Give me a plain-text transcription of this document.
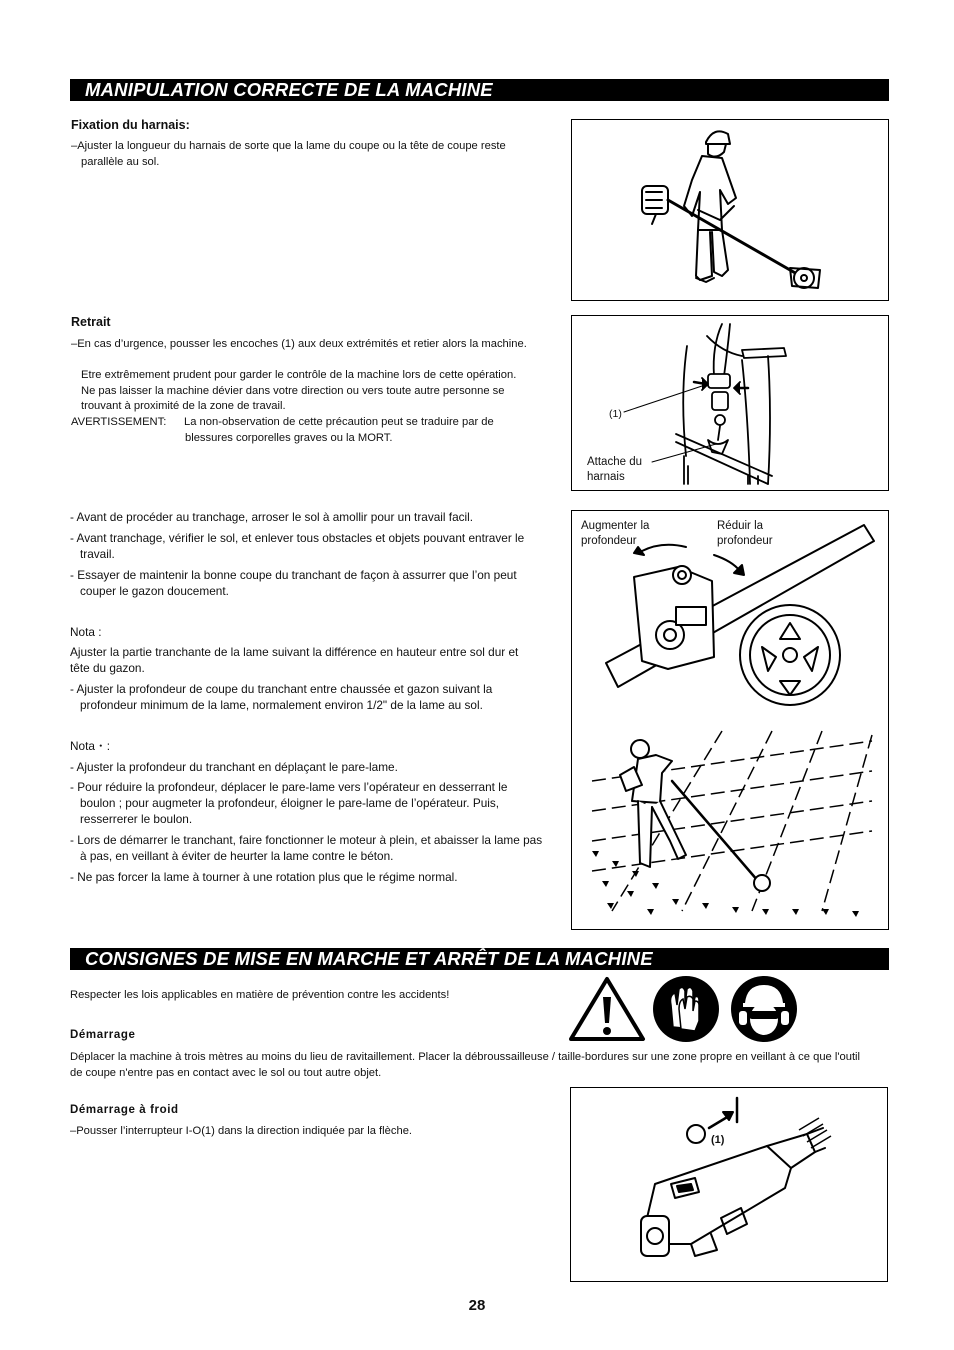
MANIPULATION CORRECTE DE LA MACHINE
Fixation du harnais:
–Ajuster la longueur du harnais de sorte que la lame du coupe ou la tête de coupe reste parallèle au sol.
Retrait
–En cas d’urgence, pousser les encoches (1) aux deux extrémités et retier alors la machine.
Etre extrêmement prudent pour garder le contrôle de la machine lors de cette opération. Ne pas laisser la machine dévier dans votre direction ou vers toute autre personne se trouvant à proximité de la zone de travail.
AVERTISSEMENT:	La non-observation de cette précaution peut se traduire par de blessures corporelles graves ou la MORT.
(1)
Attache du harnais
- Avant de procéder au tranchage, arroser le sol à amollir pour un travail facil.
- Avant tranchage, vérifier le sol, et enlever tous obstacles et objets pouvant entraver le travail.
- Essayer de maintenir la bonne coupe du tranchant de façon à assurrer que l’on peut couper le gazon doucement.
Nota :
Ajuster la partie tranchante de la lame suivant la différence en hauteur entre sol dur et tête du gazon.
- Ajuster la profondeur de coupe du tranchant entre chaussée et gazon suivant la profondeur minimum de la lame, normalement environ 1/2" de la lame au sol.
Nota・:
- Ajuster la profondeur du tranchant en déplaçant le pare-lame.
- Pour réduire la profondeur, déplacer le pare-lame vers l’opérateur en desserrant le boulon ; pour augmeter la profondeur, éloigner le pare-lame de l’opérateur. Puis, resserrerer le boulon.
- Lors de démarrer le tranchant, faire fonctionner le moteur à plein, et abaisser la lame pas à pas, en veillant à éviter de heurter la lame contre le béton.
- Ne pas forcer la lame à tourner à une rotation plus que le régime normal.
Augmenter la profondeur
Réduir la profondeur
CONSIGNES DE MISE EN MARCHE ET ARRÊT DE LA MACHINE
Respecter les lois applicables en matière de prévention contre les accidents!
Démarrage
Déplacer la machine à trois mètres au moins du lieu de ravitaillement. Placer la débroussailleuse / taille-bordures sur une zone propre en veillant à ce que l'outil de coupe n'entre pas en contact avec le sol ou tout autre objet.
Démarrage à froid
–Pousser l’interrupteur I-O(1) dans la direction indiquée par la flèche.
(1)
28
